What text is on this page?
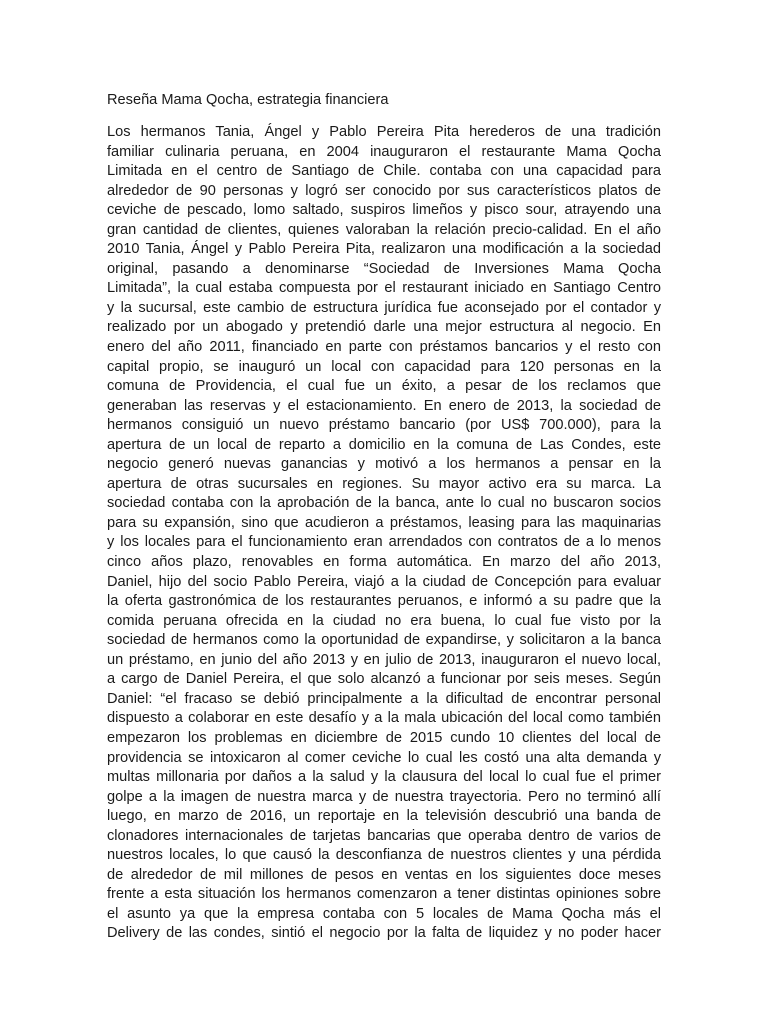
Reseña Mama Qocha, estrategia financiera
Los hermanos Tania, Ángel y Pablo Pereira Pita herederos de una tradición
familiar culinaria peruana, en 2004 inauguraron el restaurante Mama Qocha
Limitada en el centro de Santiago de Chile. contaba con una capacidad para
alrededor de 90 personas y logró ser conocido por sus característicos platos de
ceviche de pescado, lomo saltado, suspiros limeños y pisco sour, atrayendo una
gran cantidad de clientes, quienes valoraban la relación precio-calidad. En el año
2010 Tania, Ángel y Pablo Pereira Pita, realizaron una modificación a la sociedad
original, pasando a denominarse “Sociedad de Inversiones Mama Qocha
Limitada”, la cual estaba compuesta por el restaurant iniciado en Santiago Centro
y la sucursal, este cambio de estructura jurídica fue aconsejado por el contador y
realizado por un abogado y pretendió darle una mejor estructura al negocio. En
enero del año 2011, financiado en parte con préstamos bancarios y el resto con
capital propio, se inauguró un local con capacidad para 120 personas en la
comuna de Providencia, el cual fue un éxito, a pesar de los reclamos que
generaban las reservas y el estacionamiento. En enero de 2013, la sociedad de
hermanos consiguió un nuevo préstamo bancario (por US$ 700.000), para la
apertura de un local de reparto a domicilio en la comuna de Las Condes, este
negocio generó nuevas ganancias y motivó a los hermanos a pensar en la
apertura de otras sucursales en regiones. Su mayor activo era su marca. La
sociedad contaba con la aprobación de la banca, ante lo cual no buscaron socios
para su expansión, sino que acudieron a préstamos, leasing para las maquinarias
y los locales para el funcionamiento eran arrendados con contratos de a lo menos
cinco años plazo, renovables en forma automática. En marzo del año 2013,
Daniel, hijo del socio Pablo Pereira, viajó a la ciudad de Concepción para evaluar
la oferta gastronómica de los restaurantes peruanos, e informó a su padre que la
comida peruana ofrecida en la ciudad no era buena, lo cual fue visto por la
sociedad de hermanos como la oportunidad de expandirse, y solicitaron a la banca
un préstamo, en junio del año 2013 y en julio de 2013, inauguraron el nuevo local,
a cargo de Daniel Pereira, el que solo alcanzó a funcionar por seis meses. Según
Daniel: “el fracaso se debió principalmente a la dificultad de encontrar personal
dispuesto a colaborar en este desafío y a la mala ubicación del local como también
empezaron los problemas en diciembre de 2015 cundo 10 clientes del local de
providencia se intoxicaron al comer ceviche lo cual les costó una alta demanda y
multas millonaria por daños a la salud y la clausura del local lo cual fue el primer
golpe a la imagen de nuestra marca y de nuestra trayectoria. Pero no terminó allí
luego, en marzo de 2016, un reportaje en la televisión descubrió una banda de
clonadores internacionales de tarjetas bancarias que operaba dentro de varios de
nuestros locales, lo que causó la desconfianza de nuestros clientes y una pérdida
de alrededor de mil millones de pesos en ventas en los siguientes doce meses
frente a esta situación los hermanos comenzaron a tener distintas opiniones sobre
el asunto ya que la empresa contaba con 5 locales de Mama Qocha más el
Delivery de las condes, sintió el negocio por la falta de liquidez y no poder hacer
